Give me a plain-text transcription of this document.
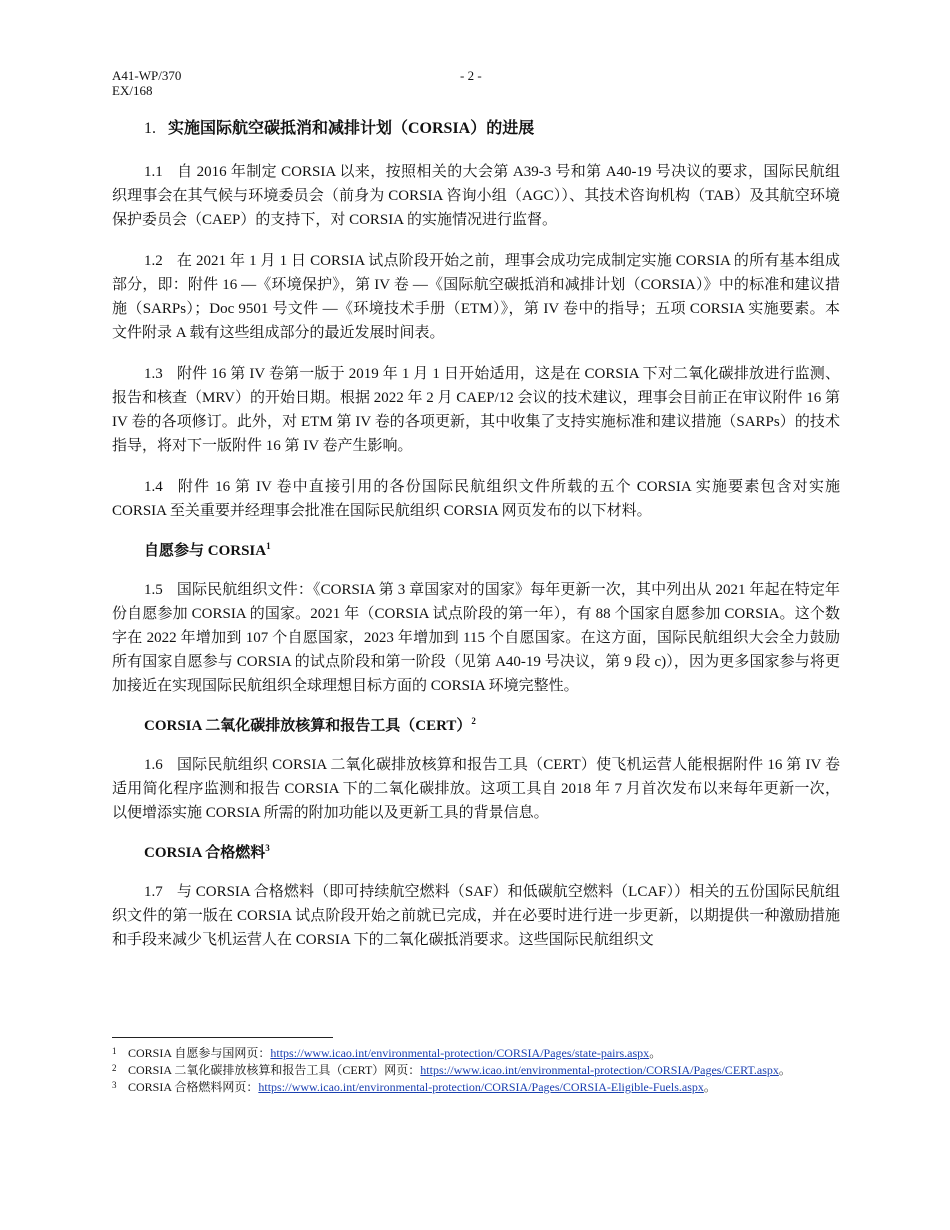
A41-WP/370
EX/168
- 2 -
1. 实施国际航空碳抵消和减排计划（CORSIA）的进展

1.1 自 2016 年制定 CORSIA 以来，按照相关的大会第 A39-3 号和第 A40-19 号决议的要求，国际民航组织理事会在其气候与环境委员会（前身为 CORSIA 咨询小组（AGC））、其技术咨询机构（TAB）及其航空环境保护委员会（CAEP）的支持下，对 CORSIA 的实施情况进行监督。

1.2 在 2021 年 1 月 1 日 CORSIA 试点阶段开始之前，理事会成功完成制定实施 CORSIA 的所有基本组成部分，即：附件 16 —《环境保护》，第 IV 卷 —《国际航空碳抵消和减排计划（CORSIA）》中的标准和建议措施（SARPs）；Doc 9501 号文件 —《环境技术手册（ETM）》，第 IV 卷中的指导；五项 CORSIA 实施要素。本文件附录 A 载有这些组成部分的最近发展时间表。

1.3 附件 16 第 IV 卷第一版于 2019 年 1 月 1 日开始适用，这是在 CORSIA 下对二氧化碳排放进行监测、报告和核查（MRV）的开始日期。根据 2022 年 2 月 CAEP/12 会议的技术建议，理事会目前正在审议附件 16 第 IV 卷的各项修订。此外，对 ETM 第 IV 卷的各项更新，其中收集了支持实施标准和建议措施（SARPs）的技术指导，将对下一版附件 16 第 IV 卷产生影响。

1.4 附件 16 第 IV 卷中直接引用的各份国际民航组织文件所载的五个 CORSIA 实施要素包含对实施 CORSIA 至关重要并经理事会批准在国际民航组织 CORSIA 网页发布的以下材料。

自愿参与 CORSIA$^1$

1.5 国际民航组织文件：《CORSIA 第 3 章国家对的国家》每年更新一次，其中列出从 2021 年起在特定年份自愿参加 CORSIA 的国家。2021 年（CORSIA 试点阶段的第一年），有 88 个国家自愿参加 CORSIA。这个数字在 2022 年增加到 107 个自愿国家，2023 年增加到 115 个自愿国家。在这方面，国际民航组织大会全力鼓励所有国家自愿参与 CORSIA 的试点阶段和第一阶段（见第 A40-19 号决议，第 9 段 c)），因为更多国家参与将更加接近在实现国际民航组织全球理想目标方面的 CORSIA 环境完整性。

CORSIA 二氧化碳排放核算和报告工具（CERT）$^2$

1.6 国际民航组织 CORSIA 二氧化碳排放核算和报告工具（CERT）使飞机运营人能根据附件 16 第 IV 卷适用简化程序监测和报告 CORSIA 下的二氧化碳排放。这项工具自 2018 年 7 月首次发布以来每年更新一次，以便增添实施 CORSIA 所需的附加功能以及更新工具的背景信息。

CORSIA 合格燃料$^3$

1.7 与 CORSIA 合格燃料（即可持续航空燃料（SAF）和低碳航空燃料（LCAF））相关的五份国际民航组织文件的第一版在 CORSIA 试点阶段开始之前就已完成，并在必要时进行进一步更新，以期提供一种激励措施和手段来减少飞机运营人在 CORSIA 下的二氧化碳抵消要求。这些国际民航组织文

1 CORSIA 自愿参与国网页：https://www.icao.int/environmental-protection/CORSIA/Pages/state-pairs.aspx。
2 CORSIA 二氧化碳排放核算和报告工具（CERT）网页：https://www.icao.int/environmental-protection/CORSIA/Pages/CERT.aspx。
3 CORSIA 合格燃料网页：https://www.icao.int/environmental-protection/CORSIA/Pages/CORSIA-Eligible-Fuels.aspx。
